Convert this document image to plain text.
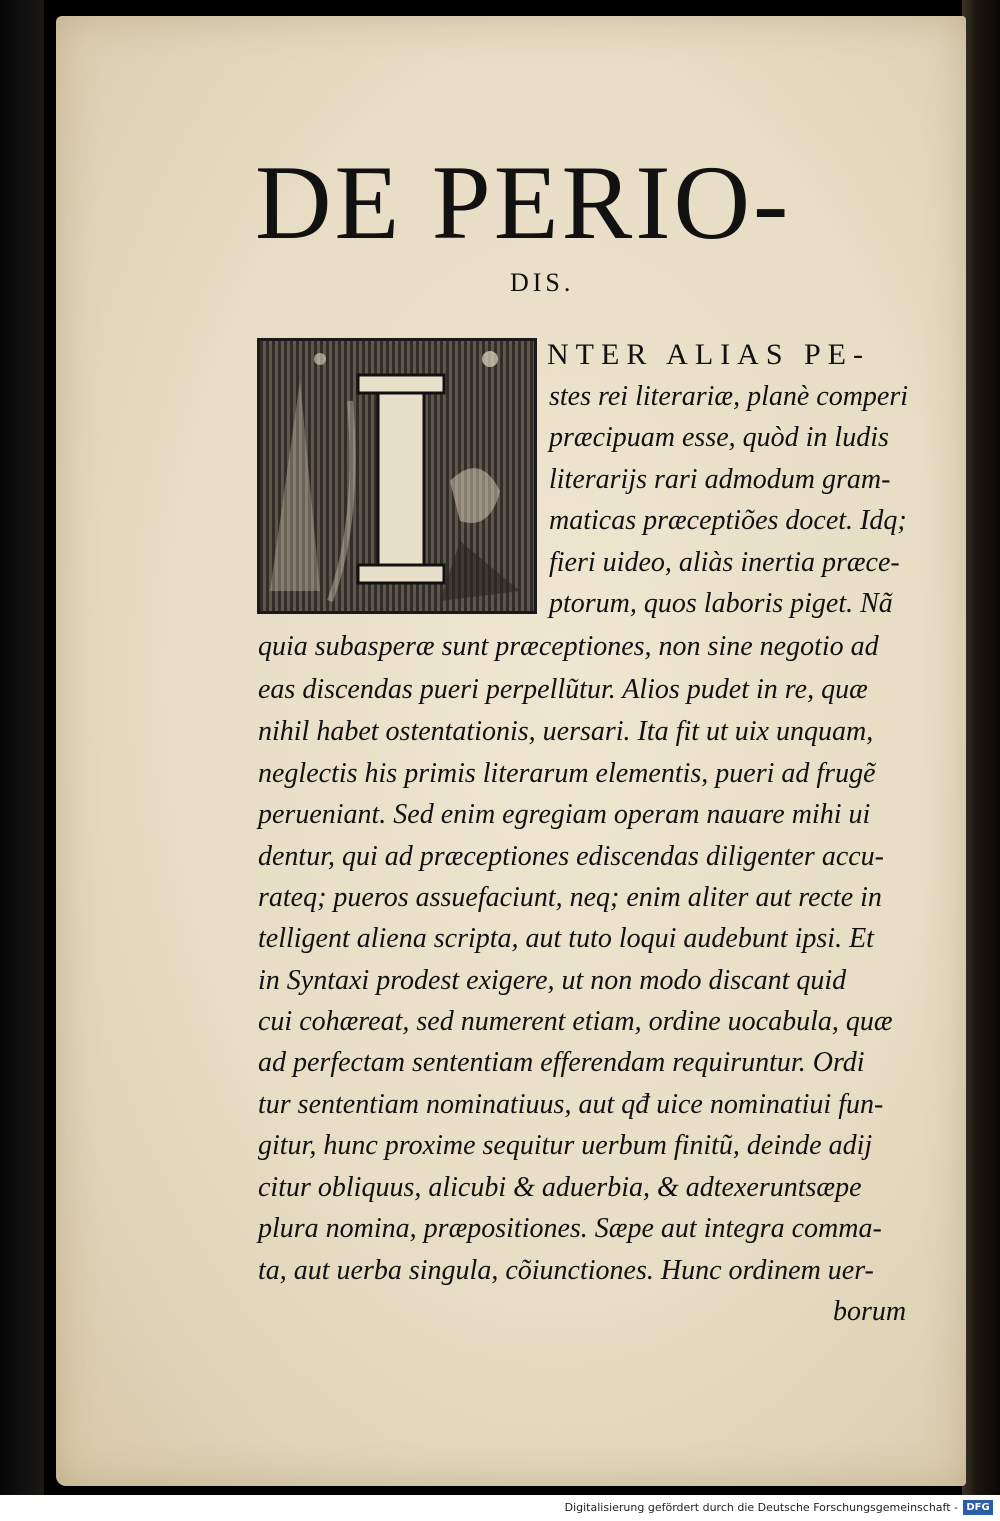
DE PERIO-
DIS.
NTER ALIAS PE-
stes rei literariæ, planè comperi
præcipuam esse, quòd in ludis
literarijs rari admodum gram-
maticas præceptiões docet. Idq;
fieri uideo, aliàs inertia præce-
ptorum, quos laboris piget. Nã
quia subasperæ sunt præceptiones, non sine negotio ad
eas discendas pueri perpellũtur. Alios pudet in re, quæ
nihil habet ostentationis, uersari. Ita fit ut uix unquam,
neglectis his primis literarum elementis, pueri ad frugẽ
perueniant. Sed enim egregiam operam nauare mihi ui
dentur, qui ad præceptiones ediscendas diligenter accu-
rateq; pueros assuefaciunt, neq; enim aliter aut recte in
telligent aliena scripta, aut tuto loqui audebunt ipsi. Et
in Syntaxi prodest exigere, ut non modo discant quid
cui cohæreat, sed numerent etiam, ordine uocabula, quæ
ad perfectam sententiam efferendam requiruntur. Ordi
tur sententiam nominatiuus, aut qđ uice nominatiui fun-
gitur, hunc proxime sequitur uerbum finitũ, deinde adij
citur obliquus, alicubi & aduerbia, & adtexeruntsæpe
plura nomina, præpositiones. Sæpe aut integra comma-
ta, aut uerba singula, cõiunctiones. Hunc ordinem uer-
borum
Digitalisierung gefördert durch die Deutsche Forschungsgemeinschaft - DFG
